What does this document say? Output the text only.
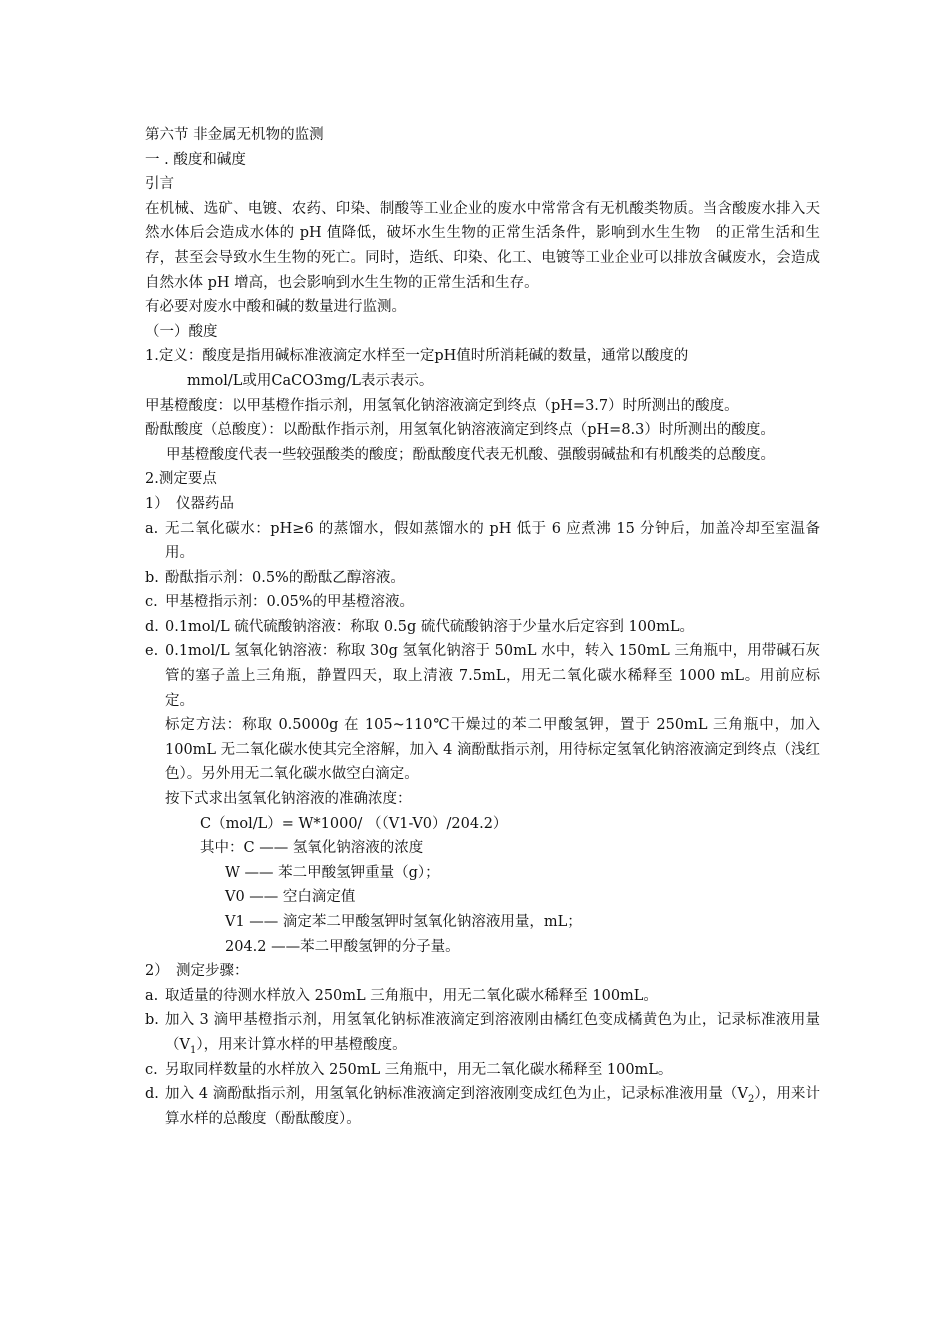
第六节 非金属无机物的监测

一 . 酸度和碱度

引言

在机械、选矿、电镀、农药、印染、制酸等工业企业的废水中常常含有无机酸类物质。当含酸废水排入天然水体后会造成水体的 pH 值降低，破坏水生生物的正常生活条件，影响到水生生物　的正常生活和生存，甚至会导致水生生物的死亡。同时，造纸、印染、化工、电镀等工业企业可以排放含碱废水，会造成自然水体 pH 增高，也会影响到水生生物的正常生活和生存。

有必要对废水中酸和碱的数量进行监测。

（一）酸度

1.定义：酸度是指用碱标准液滴定水样至一定pH值时所消耗碱的数量，通常以酸度的

mmol/L或用CaCO3mg/L表示表示。

甲基橙酸度：以甲基橙作指示剂，用氢氧化钠溶液滴定到终点（pH=3.7）时所测出的酸度。

酚酞酸度（总酸度）：以酚酞作指示剂，用氢氧化钠溶液滴定到终点（pH=8.3）时所测出的酸度。

甲基橙酸度代表一些较强酸类的酸度；酚酞酸度代表无机酸、强酸弱碱盐和有机酸类的总酸度。

2.测定要点

1）　仪器药品

a. 无二氧化碳水：pH≥6 的蒸馏水，假如蒸馏水的 pH 低于 6 应煮沸 15 分钟后，加盖冷却至室温备用。
b. 酚酞指示剂：0.5%的酚酞乙醇溶液。
c. 甲基橙指示剂：0.05%的甲基橙溶液。
d. 0.1mol/L 硫代硫酸钠溶液：称取 0.5g 硫代硫酸钠溶于少量水后定容到 100mL。
e. 0.1mol/L 氢氧化钠溶液：称取 30g 氢氧化钠溶于 50mL 水中，转入 150mL 三角瓶中，用带碱石灰管的塞子盖上三角瓶，静置四天，取上清液 7.5mL，用无二氧化碳水稀释至 1000 mL。用前应标定。

标定方法：称取 0.5000g 在 105~110℃干燥过的苯二甲酸氢钾，置于 250mL 三角瓶中，加入 100mL 无二氧化碳水使其完全溶解，加入 4 滴酚酞指示剂，用待标定氢氧化钠溶液滴定到终点（浅红色）。另外用无二氧化碳水做空白滴定。

按下式求出氢氧化钠溶液的准确浓度：

C（mol/L）= W*1000/ （（V1-V0）/204.2）

其中：C —— 氢氧化钠溶液的浓度

W —— 苯二甲酸氢钾重量（g）；

V0 —— 空白滴定值

V1 —— 滴定苯二甲酸氢钾时氢氧化钠溶液用量，mL；

204.2 ——苯二甲酸氢钾的分子量。

2）　测定步骤：

a. 取适量的待测水样放入 250mL 三角瓶中，用无二氧化碳水稀释至 100mL。
b. 加入 3 滴甲基橙指示剂，用氢氧化钠标准液滴定到溶液刚由橘红色变成橘黄色为止，记录标准液用量$(V_1)$，用来计算水样的甲基橙酸度。
c. 另取同样数量的水样放入 250mL 三角瓶中，用无二氧化碳水稀释至 100mL。
d. 加入 4 滴酚酞指示剂，用氢氧化钠标准液滴定到溶液刚变成红色为止，记录标准液用量$(V_2)$，用来计算水样的总酸度（酚酞酸度）。
